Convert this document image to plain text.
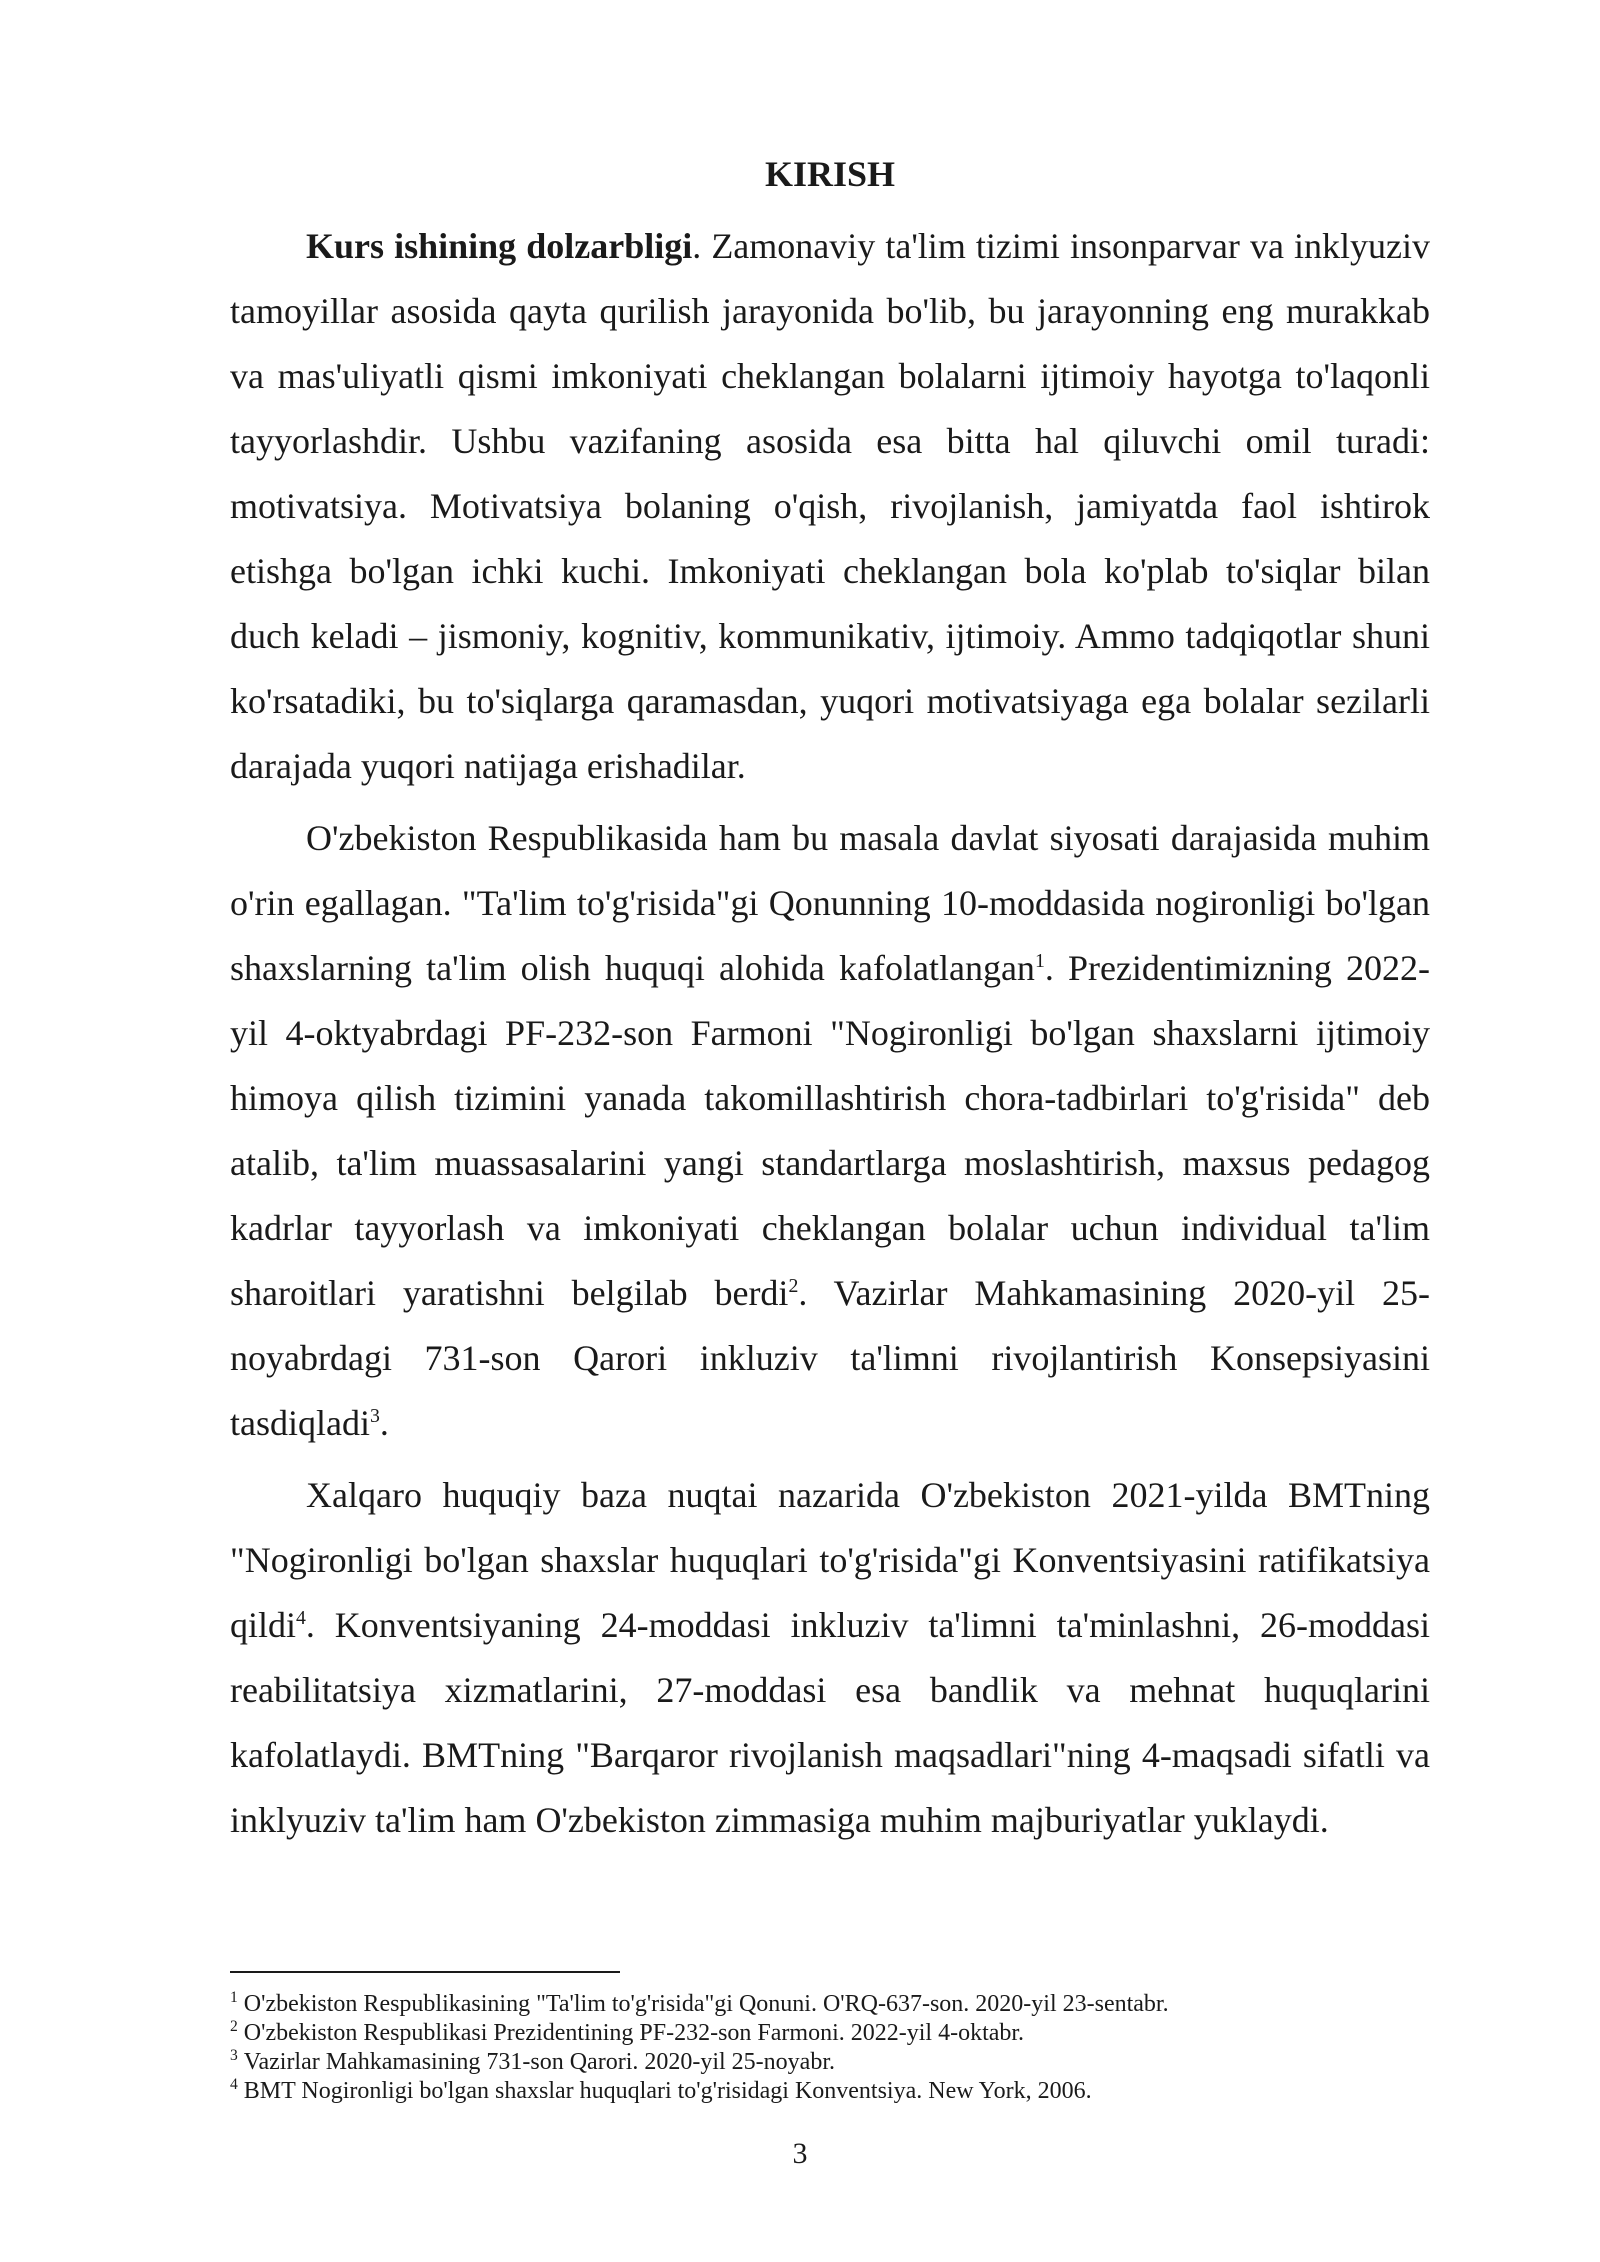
KIRISH

Kurs ishining dolzarbligi. Zamonaviy ta'lim tizimi insonparvar va inklyuziv tamoyillar asosida qayta qurilish jarayonida bo'lib, bu jarayonning eng murakkab va mas'uliyatli qismi imkoniyati cheklangan bolalarni ijtimoiy hayotga to'laqonli tayyorlashdir. Ushbu vazifaning asosida esa bitta hal qiluvchi omil turadi: motivatsiya. Motivatsiya bolaning o'qish, rivojlanish, jamiyatda faol ishtirok etishga bo'lgan ichki kuchi. Imkoniyati cheklangan bola ko'plab to'siqlar bilan duch keladi – jismoniy, kognitiv, kommunikativ, ijtimoiy. Ammo tadqiqotlar shuni ko'rsatadiki, bu to'siqlarga qaramasdan, yuqori motivatsiyaga ega bolalar sezilarli darajada yuqori natijaga erishadilar.

O'zbekiston Respublikasida ham bu masala davlat siyosati darajasida muhim o'rin egallagan. "Ta'lim to'g'risida"gi Qonunning 10-moddasida nogironligi bo'lgan shaxslarning ta'lim olish huquqi alohida kafolatlangan$^1$. Prezidentimizning 2022-yil 4-oktyabrdagi PF-232-son Farmoni "Nogironligi bo'lgan shaxslarni ijtimoiy himoya qilish tizimini yanada takomillashtirish chora-tadbirlari to'g'risida" deb atalib, ta'lim muassasalarini yangi standartlarga moslashtirish, maxsus pedagog kadrlar tayyorlash va imkoniyati cheklangan bolalar uchun individual ta'lim sharoitlari yaratishni belgilab berdi$^2$. Vazirlar Mahkamasining 2020-yil 25-noyabrdagi 731-son Qarori inkluziv ta'limni rivojlantirish Konsepsiyasini tasdiqladi$^3$.

Xalqaro huquqiy baza nuqtai nazarida O'zbekiston 2021-yilda BMTning "Nogironligi bo'lgan shaxslar huquqlari to'g'risida"gi Konventsiyasini ratifikatsiya qildi$^4$. Konventsiyaning 24-moddasi inkluziv ta'limni ta'minlashni, 26-moddasi reabilitatsiya xizmatlarini, 27-moddasi esa bandlik va mehnat huquqlarini kafolatlaydi. BMTning "Barqaror rivojlanish maqsadlari"ning 4-maqsadi sifatli va inklyuziv ta'lim ham O'zbekiston zimmasiga muhim majburiyatlar yuklaydi.

$^1$ O'zbekiston Respublikasining "Ta'lim to'g'risida"gi Qonuni. O'RQ-637-son. 2020-yil 23-sentabr.

$^2$ O'zbekiston Respublikasi Prezidentining PF-232-son Farmoni. 2022-yil 4-oktabr.

$^3$ Vazirlar Mahkamasining 731-son Qarori. 2020-yil 25-noyabr.

$^4$ BMT Nogironligi bo'lgan shaxslar huquqlari to'g'risidagi Konventsiya. New York, 2006.

3
